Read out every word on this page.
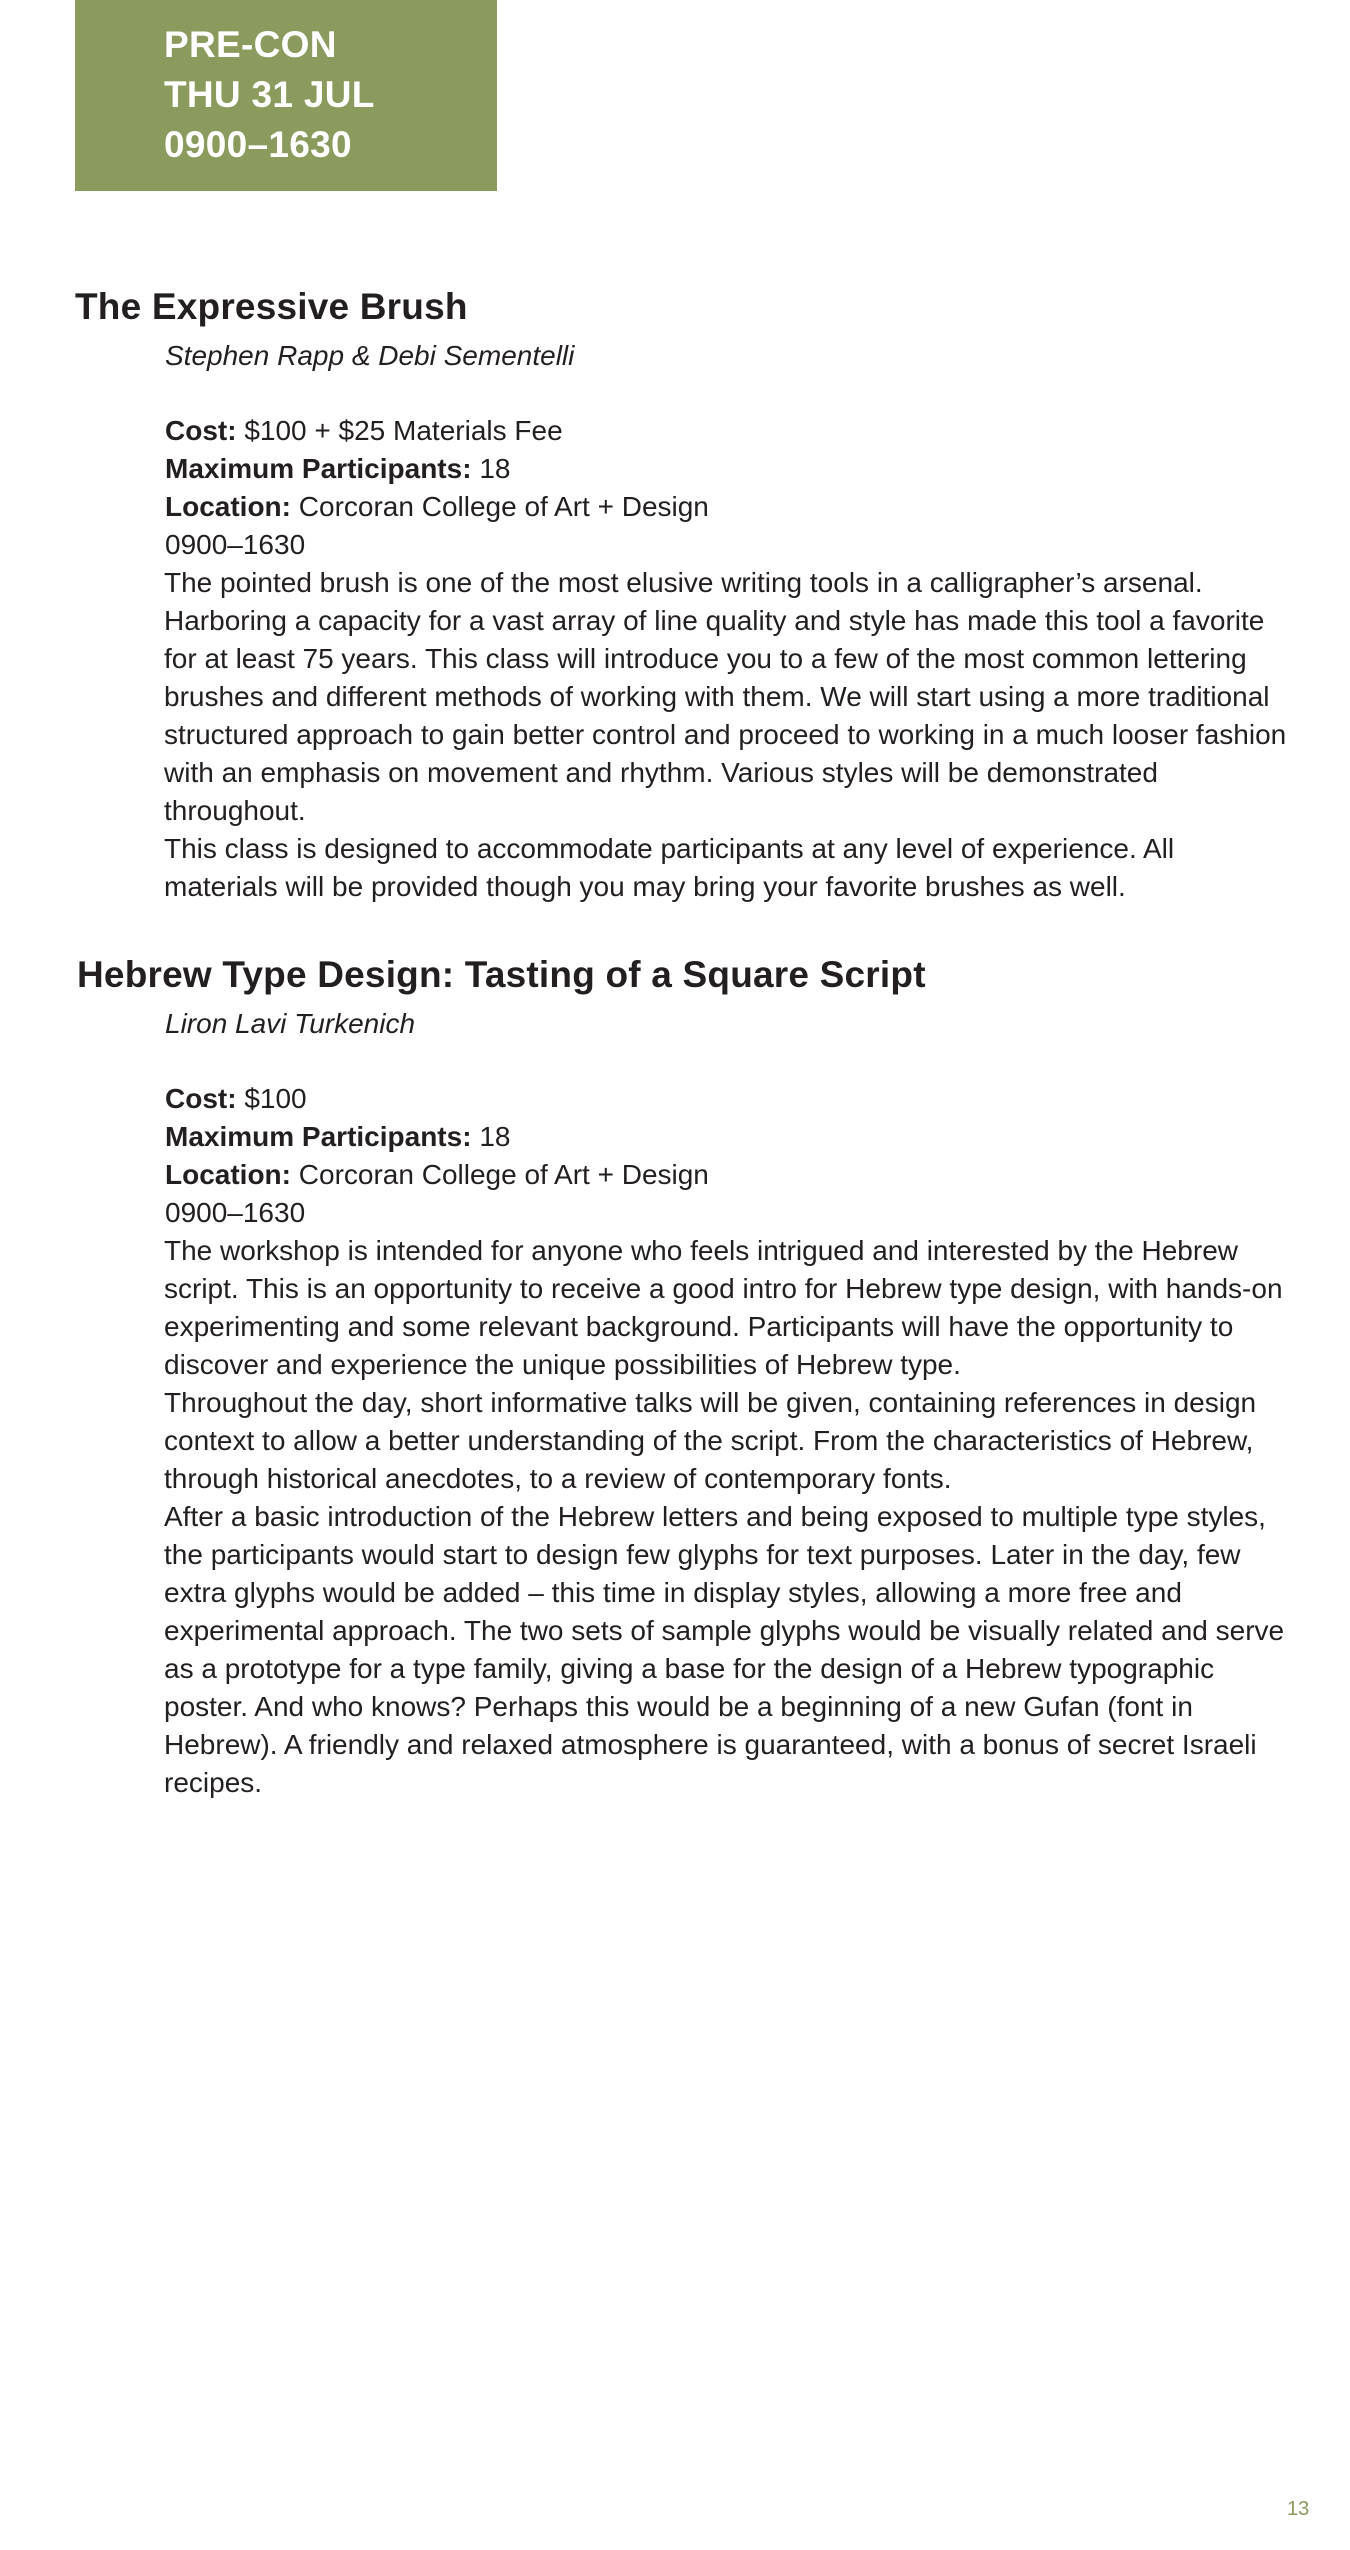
PRE-CON
THU 31 JUL
0900–1630
The Expressive Brush

Stephen Rapp & Debi Sementelli

Cost: $100 + $25 Materials Fee
Maximum Participants: 18
Location: Corcoran College of Art + Design
0900–1630

The pointed brush is one of the most elusive writing tools in a calligrapher’s arsenal. Harboring a capacity for a vast array of line quality and style has made this tool a favorite for at least 75 years. This class will introduce you to a few of the most common lettering brushes and different methods of working with them. We will start using a more traditional structured approach to gain better control and proceed to working in a much looser fashion with an emphasis on movement and rhythm. Various styles will be demonstrated throughout.

This class is designed to accommodate participants at any level of experience. All materials will be provided though you may bring your favorite brushes as well.

Hebrew Type Design: Tasting of a Square Script

Liron Lavi Turkenich

Cost: $100
Maximum Participants: 18
Location: Corcoran College of Art + Design
0900–1630

The workshop is intended for anyone who feels intrigued and interested by the Hebrew script. This is an opportunity to receive a good intro for Hebrew type design, with hands-on experimenting and some relevant background. Participants will have the opportunity to discover and experience the unique possibilities of Hebrew type.

Throughout the day, short informative talks will be given, containing references in design context to allow a better understanding of the script. From the characteristics of Hebrew, through historical anecdotes, to a review of contemporary fonts.

After a basic introduction of the Hebrew letters and being exposed to multiple type styles, the participants would start to design few glyphs for text purposes. Later in the day, few extra glyphs would be added – this time in display styles, allowing a more free and experimental approach. The two sets of sample glyphs would be visually related and serve as a prototype for a type family, giving a base for the design of a Hebrew typographic poster. And who knows? Perhaps this would be a beginning of a new Gufan (font in Hebrew). A friendly and relaxed atmosphere is guaranteed, with a bonus of secret Israeli recipes.

13
